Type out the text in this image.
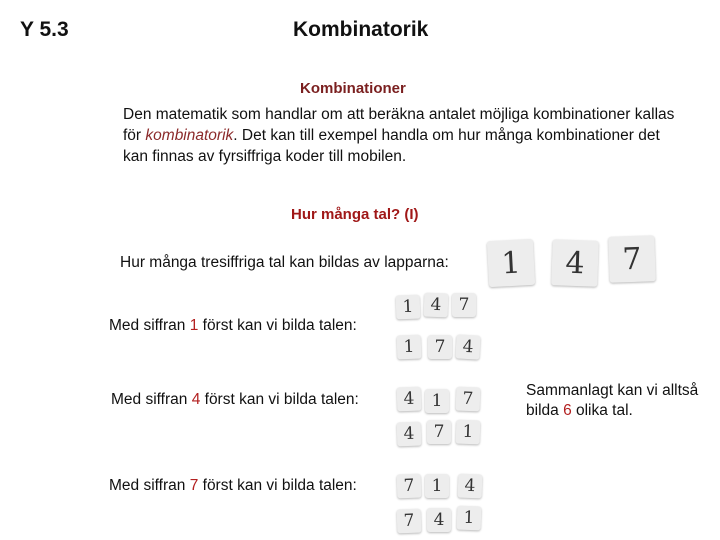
Y 5.3	Kombinatorik
Kombinationer
Den matematik som handlar om att beräkna antalet möjliga kombinationer kallas för kombinatorik. Det kan till exempel handla om hur många kombinationer det kan finnas av fyrsiffriga koder till mobilen.
Hur många tal? (I)
Hur många tresiffriga tal kan bildas av lapparna:	1	4	7
Med siffran 1 först kan vi bilda talen:
1 4 7
1	7 4
Med siffran 4 först kan vi bilda talen:	4 1	7
4	7	1
Med siffran 7 först kan vi bilda talen:	7 1	4
7	4	1
Sammanlagt kan vi alltså bilda 6 olika tal.
